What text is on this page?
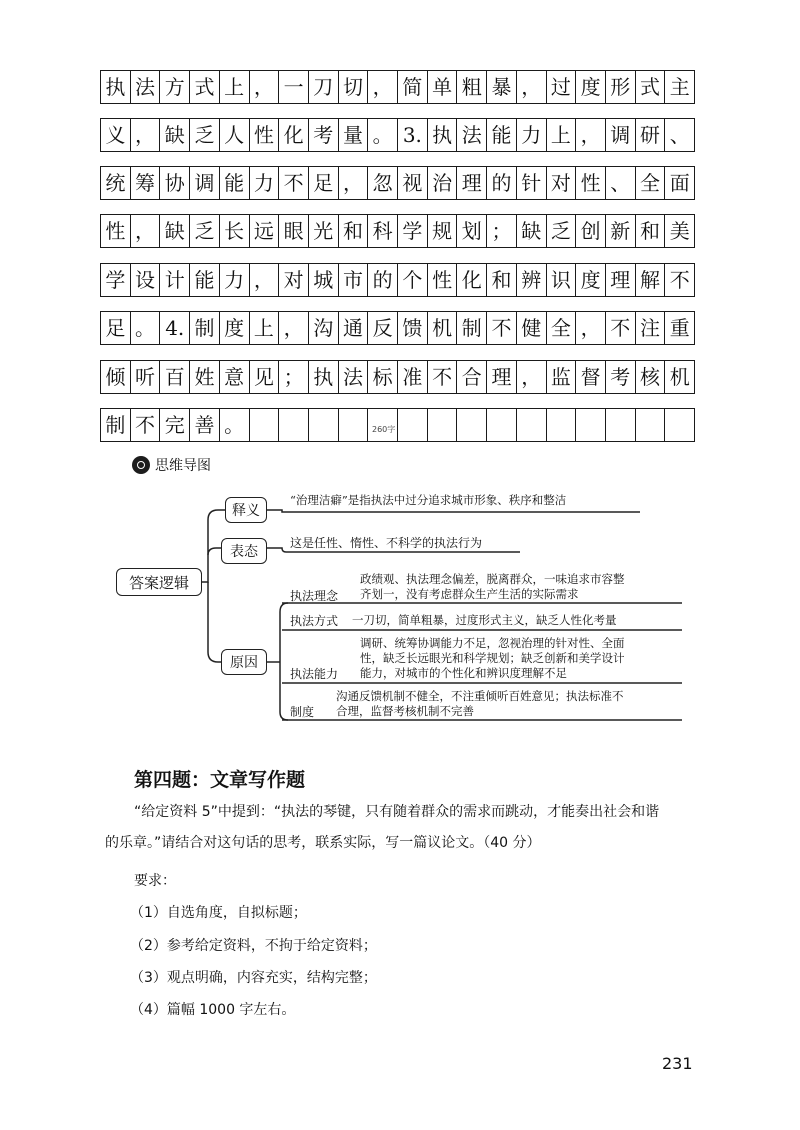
执 法 方 式 上 ， 一 刀 切 ， 简 单 粗 暴 ， 过 度 形 式 主
义 ， 缺 乏 人 性 化 考 量 。 3. 执 法 能 力 上 ， 调 研 、
统 筹 协 调 能 力 不 足 ， 忽 视 治 理 的 针 对 性 、 全 面
性 ， 缺 乏 长 远 眼 光 和 科 学 规 划 ； 缺 乏 创 新 和 美
学 设 计 能 力 ， 对 城 市 的 个 性 化 和 辨 识 度 理 解 不
足 。 4. 制 度 上 ， 沟 通 反 馈 机 制 不 健 全 ， 不 注 重
倾 听 百 姓 意 见 ； 执 法 标 准 不 合 理 ， 监 督 考 核 机
制 不 完 善 。	260字
思维导图
答案逻辑
释义
表态
原因
“治理洁癖”是指执法中过分追求城市形象、秩序和整洁
这是任性、惰性、不科学的执法行为
执法理念
政绩观、执法理念偏差，脱离群众，一味追求市容整
齐划一，没有考虑群众生产生活的实际需求
执法方式 一刀切，简单粗暴，过度形式主义，缺乏人性化考量
执法能力
调研、统筹协调能力不足，忽视治理的针对性、全面
性，缺乏长远眼光和科学规划；缺乏创新和美学设计
能力，对城市的个性化和辨识度理解不足
制度
沟通反馈机制不健全，不注重倾听百姓意见；执法标准不
合理，监督考核机制不完善
第四题：文章写作题
“给定资料 5”中提到：“执法的琴键，只有随着群众的需求而跳动，才能奏出社会和谐
的乐章。”请结合对这句话的思考，联系实际，写一篇议论文。（40 分）
要求：
（1）自选角度，自拟标题；
（2）参考给定资料，不拘于给定资料；
（3）观点明确，内容充实，结构完整；
（4）篇幅 1000 字左右。
231
